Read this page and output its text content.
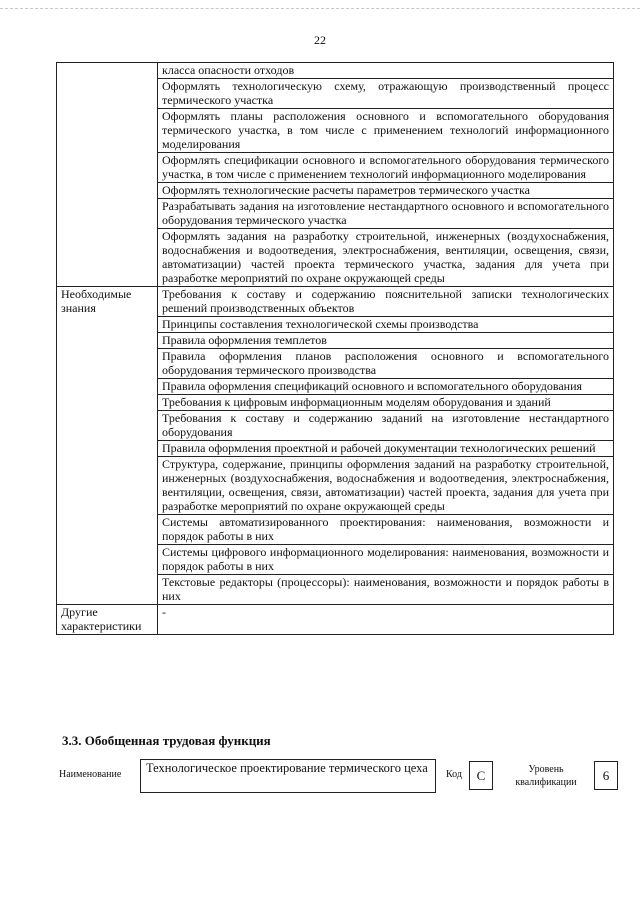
22
	класса опасности отходов
	Оформлять технологическую схему, отражающую производственный процесс термического участка
	Оформлять планы расположения основного и вспомогательного оборудования термического участка, в том числе с применением технологий информационного моделирования
	Оформлять спецификации основного и вспомогательного оборудования термического участка, в том числе с применением технологий информационного моделирования
	Оформлять технологические расчеты параметров термического участка
	Разрабатывать задания на изготовление нестандартного основного и вспомогательного оборудования термического участка
	Оформлять задания на разработку строительной, инженерных (воздухоснабжения, водоснабжения и водоотведения, электроснабжения, вентиляции, освещения, связи, автоматизации) частей проекта термического участка, задания для учета при разработке мероприятий по охране окружающей среды
Необходимые знания	Требования к составу и содержанию пояснительной записки технологических решений производственных объектов
	Принципы составления технологической схемы производства
	Правила оформления темплетов
	Правила оформления планов расположения основного и вспомогательного оборудования термического производства
	Правила оформления спецификаций основного и вспомогательного оборудования
	Требования к цифровым информационным моделям оборудования и зданий
	Требования к составу и содержанию заданий на изготовление нестандартного оборудования
	Правила оформления проектной и рабочей документации технологических решений
	Структура, содержание, принципы оформления заданий на разработку строительной, инженерных (воздухоснабжения, водоснабжения и водоотведения, электроснабжения, вентиляции, освещения, связи, автоматизации) частей проекта, задания для учета при разработке мероприятий по охране окружающей среды
	Системы автоматизированного проектирования: наименования, возможности и порядок работы в них
	Системы цифрового информационного моделирования: наименования, возможности и порядок работы в них
	Текстовые редакторы (процессоры): наименования, возможности и порядок работы в них
Другие характеристики	-
3.3. Обобщенная трудовая функция
Наименование	Технологическое проектирование термического цеха	Код	С	Уровень квалификации	6
